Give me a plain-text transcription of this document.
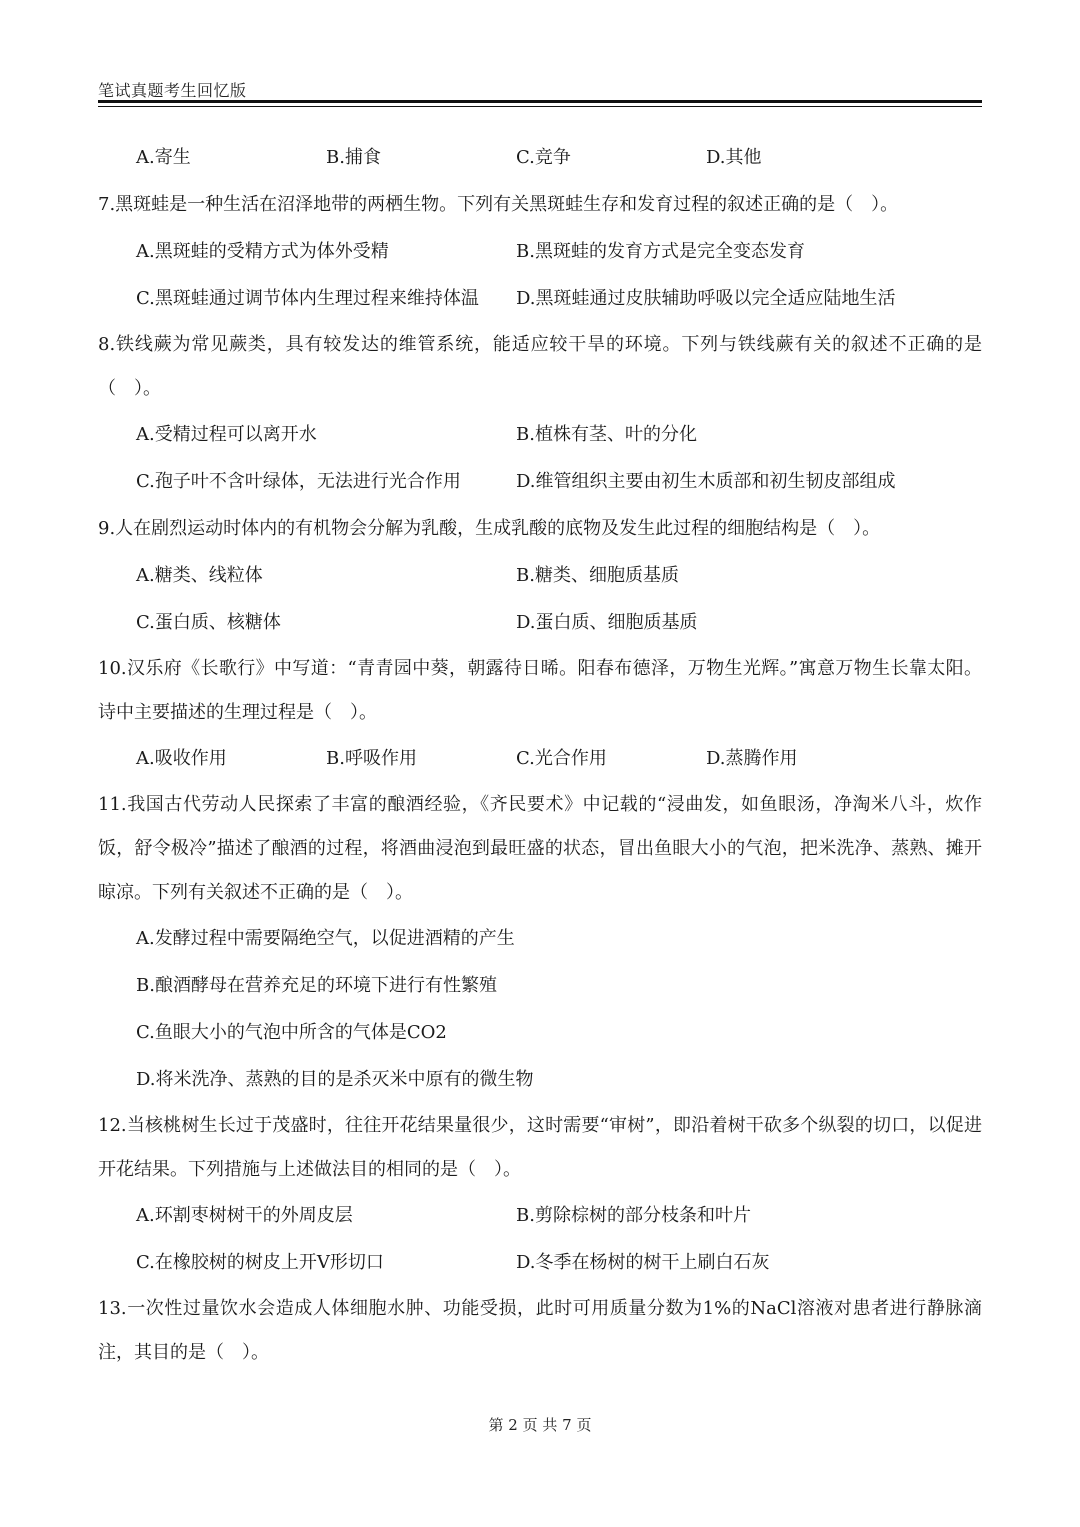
笔试真题考生回忆版
A.寄生	B.捕食	C.竞争	D.其他
7.黑斑蛙是一种生活在沼泽地带的两栖生物。下列有关黑斑蛙生存和发育过程的叙述正确的是（　）。
A.黑斑蛙的受精方式为体外受精	B.黑斑蛙的发育方式是完全变态发育
C.黑斑蛙通过调节体内生理过程来维持体温	D.黑斑蛙通过皮肤辅助呼吸以完全适应陆地生活
8.铁线蕨为常见蕨类，具有较发达的维管系统，能适应较干旱的环境。下列与铁线蕨有关的叙述不正确的是（　）。
A.受精过程可以离开水	B.植株有茎、叶的分化
C.孢子叶不含叶绿体，无法进行光合作用	D.维管组织主要由初生木质部和初生韧皮部组成
9.人在剧烈运动时体内的有机物会分解为乳酸，生成乳酸的底物及发生此过程的细胞结构是（　）。
A.糖类、线粒体	B.糖类、细胞质基质
C.蛋白质、核糖体	D.蛋白质、细胞质基质
10.汉乐府《长歌行》中写道：“青青园中葵，朝露待日晞。阳春布德泽，万物生光辉。”寓意万物生长靠太阳。诗中主要描述的生理过程是（　）。
A.吸收作用	B.呼吸作用	C.光合作用	D.蒸腾作用
11.我国古代劳动人民探索了丰富的酿酒经验，《齐民要术》中记载的“浸曲发，如鱼眼汤，净淘米八斗，炊作饭，舒令极冷”描述了酿酒的过程，将酒曲浸泡到最旺盛的状态，冒出鱼眼大小的气泡，把米洗净、蒸熟、摊开晾凉。下列有关叙述不正确的是（　）。
A.发酵过程中需要隔绝空气，以促进酒精的产生
B.酿酒酵母在营养充足的环境下进行有性繁殖
C.鱼眼大小的气泡中所含的气体是CO2
D.将米洗净、蒸熟的目的是杀灭米中原有的微生物
12.当核桃树生长过于茂盛时，往往开花结果量很少，这时需要“审树”，即沿着树干砍多个纵裂的切口，以促进开花结果。下列措施与上述做法目的相同的是（　）。
A.环割枣树树干的外周皮层	B.剪除棕树的部分枝条和叶片
C.在橡胶树的树皮上开V形切口	D.冬季在杨树的树干上刷白石灰
13.一次性过量饮水会造成人体细胞水肿、功能受损，此时可用质量分数为1%的NaCl溶液对患者进行静脉滴注，其目的是（　）。
第 2 页 共 7 页
